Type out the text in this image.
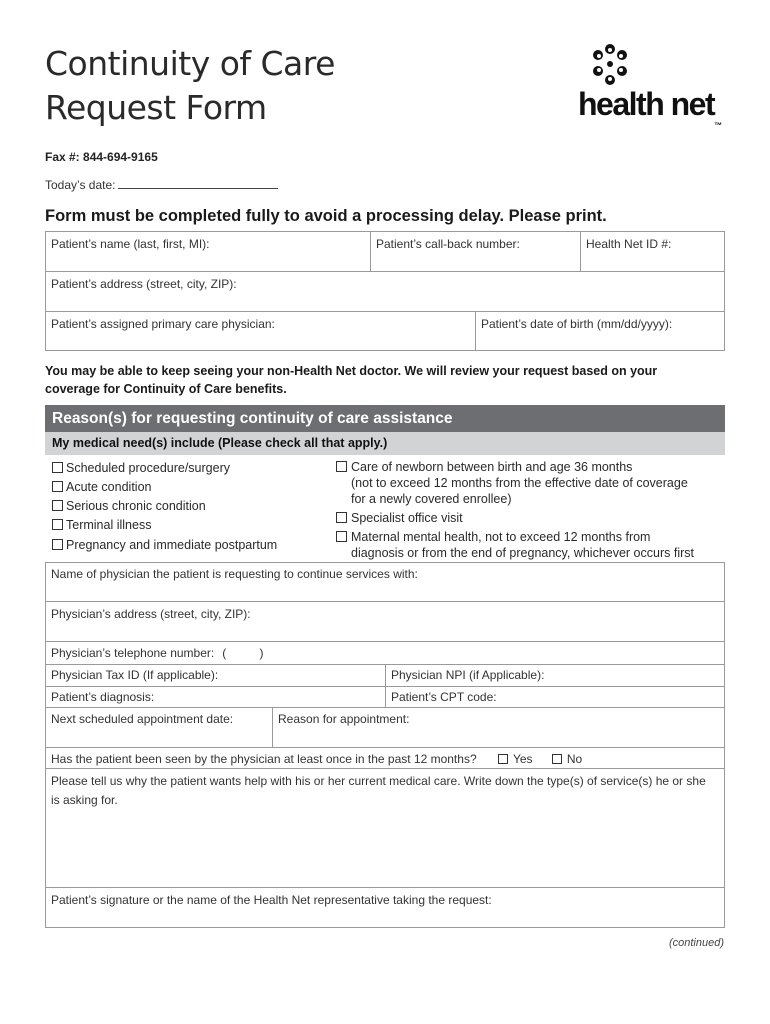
Continuity of Care
Request Form	health net™
Fax #: 844-694-9165
Today’s date:
Form must be completed fully to avoid a processing delay. Please print.
Patient’s name (last, first, MI):	Patient’s call-back number:	Health Net ID #:
Patient’s address (street, city, ZIP):
Patient’s assigned primary care physician:	Patient’s date of birth (mm/dd/yyyy):
You may be able to keep seeing your non-Health Net doctor. We will review your request based on your coverage for Continuity of Care benefits.
Reason(s) for requesting continuity of care assistance
My medical need(s) include (Please check all that apply.)
Scheduled procedure/surgery
Acute condition
Serious chronic condition
Terminal illness
Pregnancy and immediate postpartum
Care of newborn between birth and age 36 months
(not to exceed 12 months from the effective date of coverage
for a newly covered enrollee)
Specialist office visit
Maternal mental health, not to exceed 12 months from
diagnosis or from the end of pregnancy, whichever occurs first
Name of physician the patient is requesting to continue services with:
Physician’s address (street, city, ZIP):
Physician’s telephone number: (          )
Physician Tax ID (If applicable):	Physician NPI (if Applicable):
Patient’s diagnosis:	Patient’s CPT code:
Next scheduled appointment date:	Reason for appointment:
Has the patient been seen by the physician at least once in the past 12 months?	Yes	No
Please tell us why the patient wants help with his or her current medical care. Write down the type(s) of service(s) he or she is asking for.
Patient’s signature or the name of the Health Net representative taking the request:
(continued)
